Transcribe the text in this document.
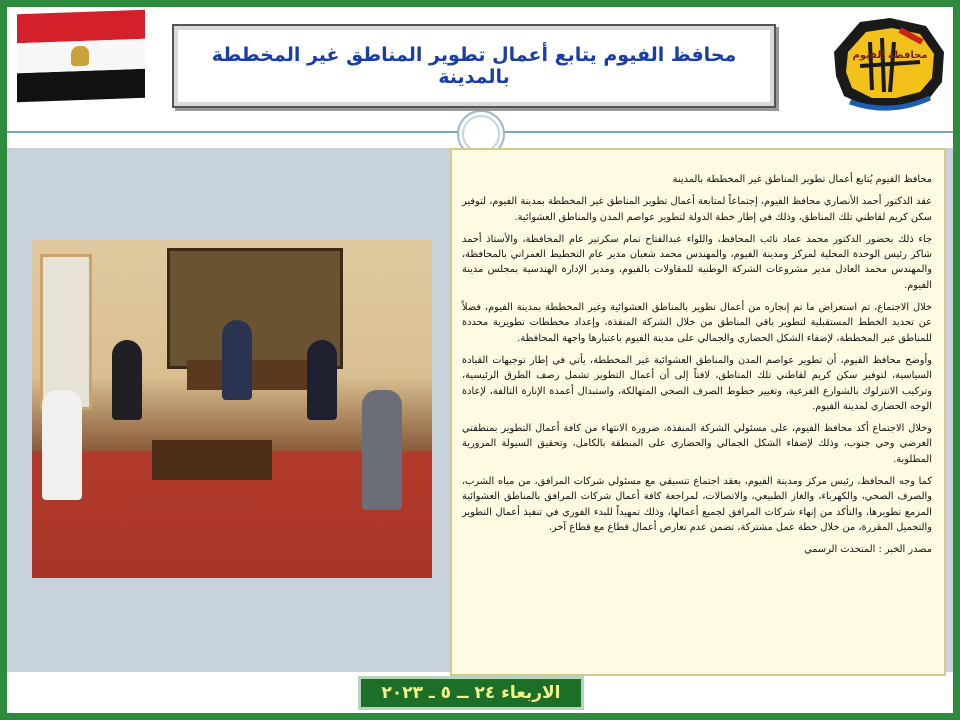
محافظ الفيوم يتابع أعمال تطوير المناطق غير المخططة بالمدينة
محافظة الفيوم

محافظ الفيوم يُتابع أعمال تطوير المناطق غير المخططة بالمدينة

عقد الدكتور أحمد الأنصاري محافظ الفيوم، إجتماعاً لمتابعة أعمال تطوير المناطق غير المخططة بمدينة الفيوم، لتوفير سكن كريم لقاطني تلك المناطق، وذلك في إطار خطة الدولة لتطوير عواصم المدن والمناطق العشوائية.

جاء ذلك بحضور الدكتور محمد عماد نائب المحافظ، واللواء عبدالفتاح تمام سكرتير عام المحافظة، والأستاذ أحمد شاكر رئيس الوحدة المحلية لمركز ومدينة الفيوم، والمهندس محمد شعبان مدير عام التخطيط العمراني بالمحافظة، والمهندس محمد العادل مدير مشروعات الشركة الوطنية للمقاولات بالفيوم، ومدير الإدارة الهندسية بمجلس مدينة الفيوم.

خلال الاجتماع، تم استعراض ما تم إنجازه من أعمال تطوير بالمناطق العشوائية وغير المخططة بمدينة الفيوم، فضلاً عن تحديد الخطط المستقبلية لتطوير باقي المناطق من خلال الشركة المنفذة، وإعداد مخططات تطويرية محددة للمناطق غير المخططة، لإضفاء الشكل الحضاري والجمالي على مدينة الفيوم باعتبارها واجهة المحافظة.

وأوضح محافظ الفيوم، أن تطوير عواصم المدن والمناطق العشوائية غير المخططة، يأتي في إطار توجيهات القيادة السياسية، لتوفير سكن كريم لقاطني تلك المناطق، لافتاً إلى أن أعمال التطوير تشمل رصف الطرق الرئيسية، وتركيب الانترلوك بالشوارع الفرعية، وتغيير خطوط الصرف الصحي المتهالكة، واستبدال أعمدة الإنارة التالفة، لإعادة الوجه الحضاري لمدينة الفيوم.

وخلال الاجتماع أكد محافظ الفيوم، على مسئولي الشركة المنفذة، ضرورة الانتهاء من كافة أعمال التطوير بمنطقتي الغرضي وحي جنوب، وذلك لإضفاء الشكل الجمالي والحضاري على المنطقة بالكامل، وتحقيق السيولة المرورية المطلوبة.

كما وجه المحافظ، رئيس مركز ومدينة الفيوم، بعقد اجتماع تنسيقي مع مسئولي شركات المرافق، من مياه الشرب، والصرف الصحي، والكهرباء، والغاز الطبيعي، والاتصالات، لمراجعة كافة أعمال شركات المرافق بالمناطق العشوائية المزمع تطويرها، والتأكد من إنهاء شركات المرافق لجميع أعمالها، وذلك تمهيداً للبدء الفوري في تنفيذ أعمال التطوير والتجميل المقررة، من خلال خطة عمل مشتركة، تضمن عدم تعارض أعمال قطاع مع قطاع آخر.

مصدر الخبر : المتحدث الرسمي
الاربعاء ٢٤ ــ ٥ ـ ٢٠٢٣
